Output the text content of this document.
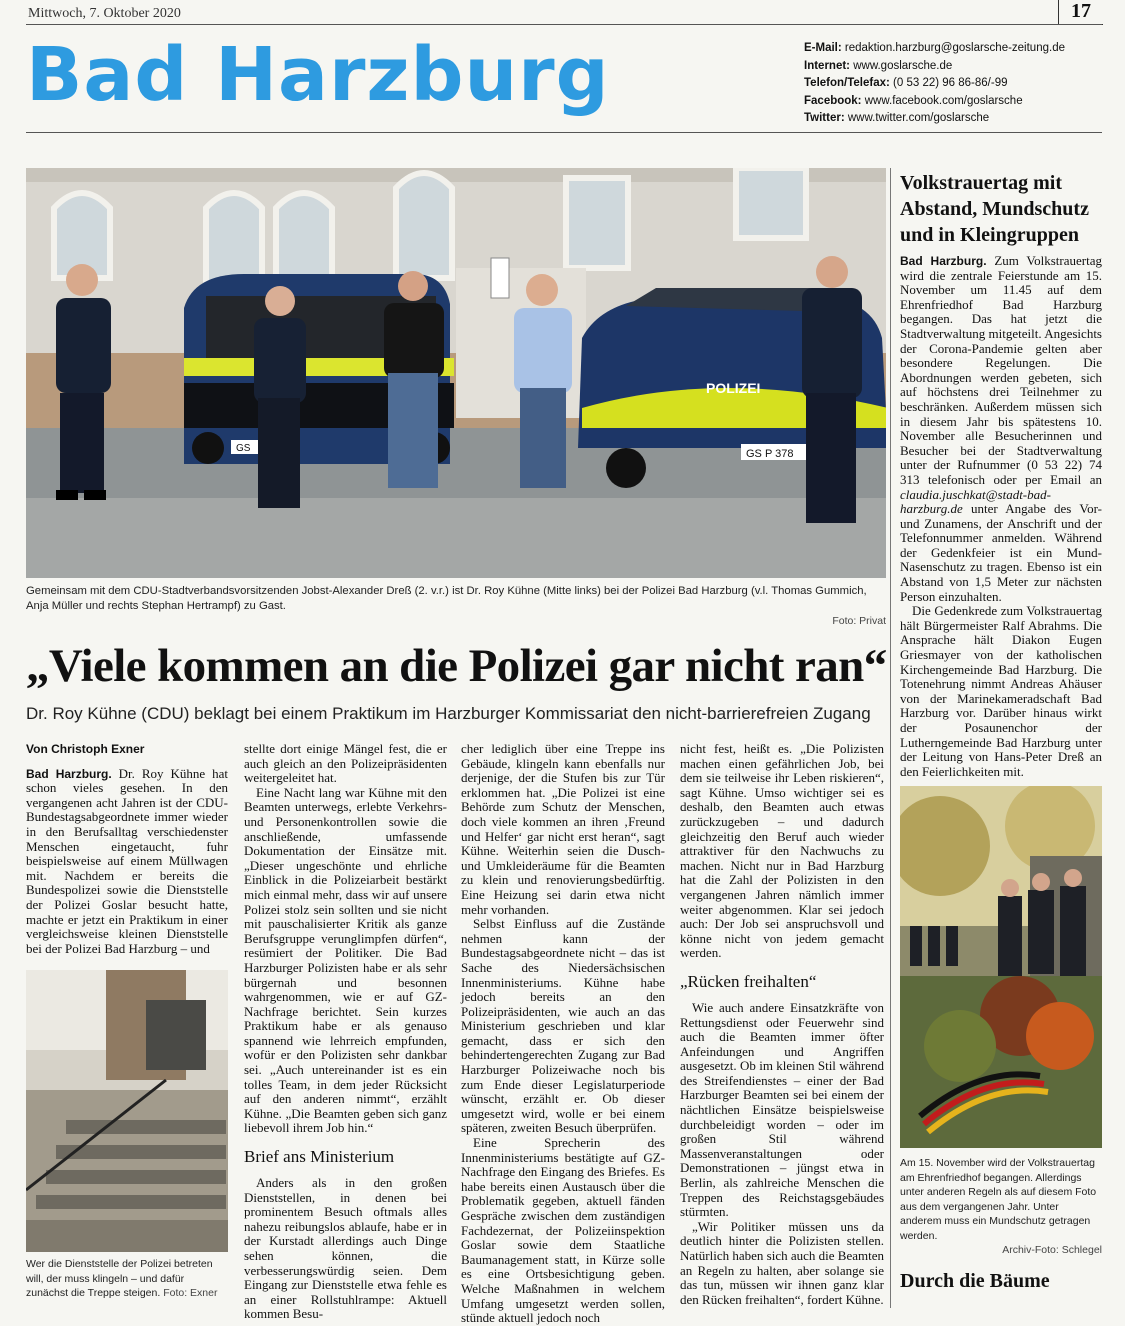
Mittwoch, 7. Oktober 2020	17
Bad Harzburg	E-Mail: redaktion.harzburg@goslarsche-zeitung.de
Internet: www.goslarsche.de
Telefon/Telefax: (0 53 22) 96 86-86/-99
Facebook: www.facebook.com/goslarsche
Twitter: www.twitter.com/goslarsche
GS
POLIZEI
GS P 378
Gemeinsam mit dem CDU-Stadtverbandsvorsitzenden Jobst-Alexander Dreß (2. v.r.) ist Dr. Roy Kühne (Mitte links) bei der Polizei Bad Harzburg (v.l. Thomas Gummich, Anja Müller und rechts Stephan Hertrampf) zu Gast.
Foto: Privat
„Viele kommen an die Polizei gar nicht ran“
Dr. Roy Kühne (CDU) beklagt bei einem Praktikum im Harzburger Kommissariat den nicht-barrierefreien Zugang
Von Christoph Exner

Bad Harzburg. Dr. Roy Kühne hat schon vieles gesehen. In den vergangenen acht Jahren ist der CDU-Bundestagsabgeordnete immer wieder in den Berufsalltag verschiedenster Menschen eingetaucht, fuhr beispielsweise auf einem Müllwagen mit. Nachdem er bereits die Bundespolizei sowie die Dienststelle der Polizei Goslar besucht hatte, machte er jetzt ein Praktikum in einer vergleichsweise kleinen Dienststelle bei der Polizei Bad Harzburg – und

Wer die Dienststelle der Polizei betreten will, der muss klingeln – und dafür zunächst die Treppe steigen. Foto: Exner

stellte dort einige Mängel fest, die er auch gleich an den Polizeipräsidenten weitergeleitet hat.

Eine Nacht lang war Kühne mit den Beamten unterwegs, erlebte Verkehrs- und Personenkontrollen sowie die anschließende, umfassende Dokumentation der Einsätze mit. „Dieser ungeschönte und ehrliche Einblick in die Polizeiarbeit bestärkt mich einmal mehr, dass wir auf unsere Polizei stolz sein sollten und sie nicht mit pauschalisierter Kritik als ganze Berufsgruppe verunglimpfen dürfen“, resümiert der Politiker. Die Bad Harzburger Polizisten habe er als sehr bürgernah und besonnen wahrgenommen, wie er auf GZ-Nachfrage berichtet. Sein kurzes Praktikum habe er als genauso spannend wie lehrreich empfunden, wofür er den Polizisten sehr dankbar sei. „Auch untereinander ist es ein tolles Team, in dem jeder Rücksicht auf den anderen nimmt“, erzählt Kühne. „Die Beamten geben sich ganz liebevoll ihrem Job hin.“

Brief ans Ministerium

Anders als in den großen Dienststellen, in denen bei prominentem Besuch oftmals alles nahezu reibungslos ablaufe, habe er in der Kurstadt allerdings auch Dinge sehen können, die verbesserungswürdig seien. Dem Eingang zur Dienststelle etwa fehle es an einer Rollstuhlrampe: Aktuell kommen Besu-

cher lediglich über eine Treppe ins Gebäude, klingeln kann ebenfalls nur derjenige, der die Stufen bis zur Tür erklommen hat. „Die Polizei ist eine Behörde zum Schutz der Menschen, doch viele kommen an ihren ‚Freund und Helfer‘ gar nicht erst heran“, sagt Kühne. Weiterhin seien die Dusch- und Umkleideräume für die Beamten zu klein und renovierungsbedürftig. Eine Heizung sei darin etwa nicht mehr vorhanden.

Selbst Einfluss auf die Zustände nehmen kann der Bundestagsabgeordnete nicht – das ist Sache des Niedersächsischen Innenministeriums. Kühne habe jedoch bereits an den Polizeipräsidenten, wie auch an das Ministerium geschrieben und klar gemacht, dass er sich den behindertengerechten Zugang zur Bad Harzburger Polizeiwache noch bis zum Ende dieser Legislaturperiode wünscht, erzählt er. Ob dieser umgesetzt wird, wolle er bei einem späteren, zweiten Besuch überprüfen.

Eine Sprecherin des Innenministeriums bestätigte auf GZ-Nachfrage den Eingang des Briefes. Es habe bereits einen Austausch über die Problematik gegeben, aktuell fänden Gespräche zwischen dem zuständigen Fachdezernat, der Polizeiinspektion Goslar sowie dem Staatliche Baumanagement statt, in Kürze solle es eine Ortsbesichtigung geben. Welche Maßnahmen in welchem Umfang umgesetzt werden sollen, stünde aktuell jedoch noch

nicht fest, heißt es. „Die Polizisten machen einen gefährlichen Job, bei dem sie teilweise ihr Leben riskieren“, sagt Kühne. Umso wichtiger sei es deshalb, den Beamten auch etwas zurückzugeben – und dadurch gleichzeitig den Beruf auch wieder attraktiver für den Nachwuchs zu machen. Nicht nur in Bad Harzburg hat die Zahl der Polizisten in den vergangenen Jahren nämlich immer weiter abgenommen. Klar sei jedoch auch: Der Job sei anspruchsvoll und könne nicht von jedem gemacht werden.

„Rücken freihalten“

Wie auch andere Einsatzkräfte von Rettungsdienst oder Feuerwehr sind auch die Beamten immer öfter Anfeindungen und Angriffen ausgesetzt. Ob im kleinen Stil während des Streifendienstes – einer der Bad Harzburger Beamten sei bei einem der nächtlichen Einsätze beispielsweise durchbeleidigt worden – oder im großen Stil während Massenveranstaltungen oder Demonstrationen – jüngst etwa in Berlin, als zahlreiche Menschen die Treppen des Reichstagsgebäudes stürmten.

„Wir Politiker müssen uns da deutlich hinter die Polizisten stellen. Natürlich haben sich auch die Beamten an Regeln zu halten, aber solange sie das tun, müssen wir ihnen ganz klar den Rücken freihalten“, fordert Kühne.

Volkstrauertag mit Abstand, Mundschutz und in Kleingruppen

Bad Harzburg. Zum Volkstrauertag wird die zentrale Feierstunde am 15. November um 11.45 auf dem Ehrenfriedhof Bad Harzburg begangen. Das hat jetzt die Stadtverwaltung mitgeteilt. Angesichts der Corona-Pandemie gelten aber besondere Regelungen. Die Abordnungen werden gebeten, sich auf höchstens drei Teilnehmer zu beschränken. Außerdem müssen sich in diesem Jahr bis spätestens 10. November alle Besucherinnen und Besucher bei der Stadtverwaltung unter der Rufnummer (0 53 22) 74 313 telefonisch oder per Email an claudia.juschkat@stadt-bad-harzburg.de unter Angabe des Vor- und Zunamens, der Anschrift und der Telefonnummer anmelden. Während der Gedenkfeier ist ein Mund-Nasenschutz zu tragen. Ebenso ist ein Abstand von 1,5 Meter zur nächsten Person einzuhalten.

Die Gedenkrede zum Volkstrauertag hält Bürgermeister Ralf Abrahms. Die Ansprache hält Diakon Eugen Griesmayer von der katholischen Kirchengemeinde Bad Harzburg. Die Totenehrung nimmt Andreas Ahäuser von der Marinekameradschaft Bad Harzburg vor. Darüber hinaus wirkt der Posaunenchor der Lutherngemeinde Bad Harzburg unter der Leitung von Hans-Peter Dreß an den Feierlichkeiten mit.

Am 15. November wird der Volkstrauertag am Ehrenfriedhof begangen. Allerdings unter anderen Regeln als auf diesem Foto aus dem vergangenen Jahr. Unter anderem muss ein Mundschutz getragen werden.
Archiv-Foto: Schlegel
Durch die Bäume
